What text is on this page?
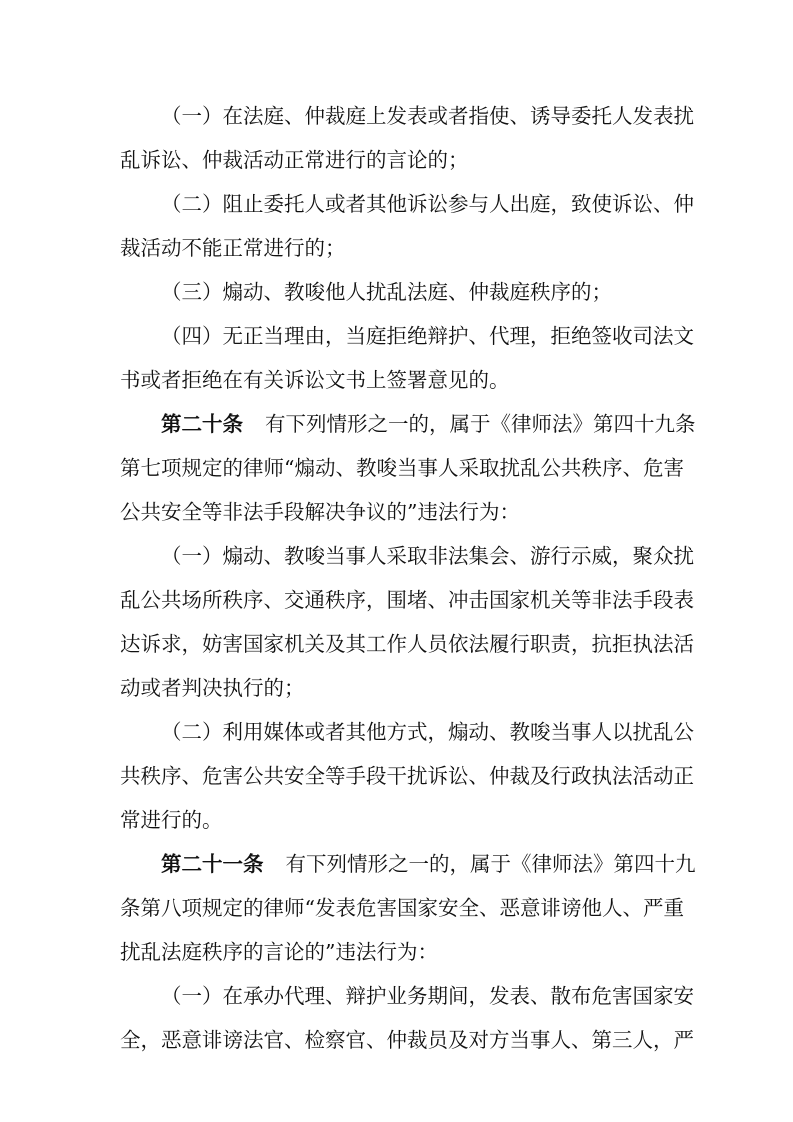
（一）在法庭、仲裁庭上发表或者指使、诱导委托人发表扰
乱诉讼、仲裁活动正常进行的言论的；
（二）阻止委托人或者其他诉讼参与人出庭，致使诉讼、仲
裁活动不能正常进行的；
（三）煽动、教唆他人扰乱法庭、仲裁庭秩序的；
（四）无正当理由，当庭拒绝辩护、代理，拒绝签收司法文
书或者拒绝在有关诉讼文书上签署意见的。
第二十条 有下列情形之一的，属于《律师法》第四十九条
第七项规定的律师“煽动、教唆当事人采取扰乱公共秩序、危害
公共安全等非法手段解决争议的”违法行为：
（一）煽动、教唆当事人采取非法集会、游行示威，聚众扰
乱公共场所秩序、交通秩序，围堵、冲击国家机关等非法手段表
达诉求，妨害国家机关及其工作人员依法履行职责，抗拒执法活
动或者判决执行的；
（二）利用媒体或者其他方式，煽动、教唆当事人以扰乱公
共秩序、危害公共安全等手段干扰诉讼、仲裁及行政执法活动正
常进行的。
第二十一条 有下列情形之一的，属于《律师法》第四十九
条第八项规定的律师“发表危害国家安全、恶意诽谤他人、严重
扰乱法庭秩序的言论的”违法行为：
（一）在承办代理、辩护业务期间，发表、散布危害国家安
全，恶意诽谤法官、检察官、仲裁员及对方当事人、第三人，严
